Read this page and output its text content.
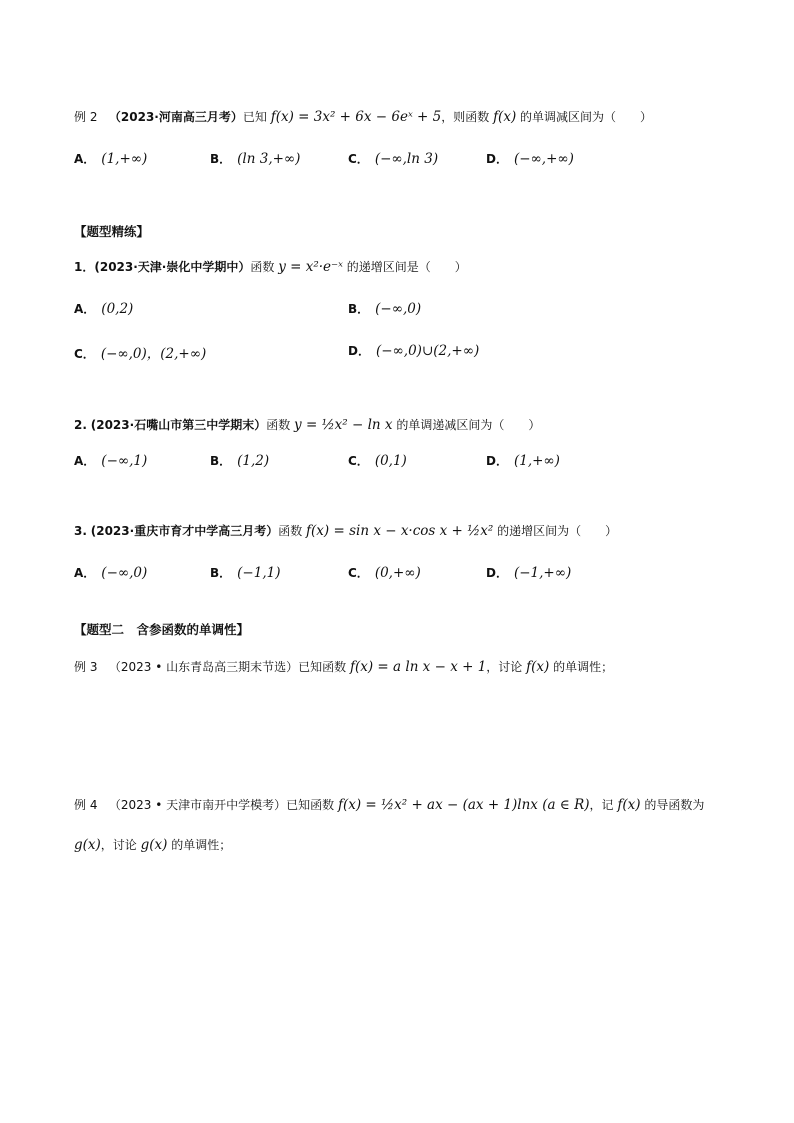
例 2 （2023·河南高三月考）已知 f(x) = 3x² + 6x − 6eˣ + 5，则函数 f(x) 的单调减区间为（　　）
A． (1,+∞)	B． (ln 3,+∞)	C． (−∞,ln 3)	D． (−∞,+∞)
【题型精练】
1．(2023·天津·崇化中学期中）函数 y = x²·e⁻ˣ 的递增区间是（　　）
A． (0,2)	B． (−∞,0)
C． (−∞,0)，(2,+∞)	D． (−∞,0)∪(2,+∞)
2. (2023·石嘴山市第三中学期末）函数 y = ½x² − ln x 的单调递减区间为（　　）
A． (−∞,1)	B． (1,2)	C． (0,1)	D． (1,+∞)
3. (2023·重庆市育才中学高三月考）函数 f(x) = sin x − x·cos x + ½x² 的递增区间为（　　）
A． (−∞,0)	B． (−1,1)	C． (0,+∞)	D． (−1,+∞)
【题型二　含参函数的单调性】
例 3 （2023 • 山东青岛高三期末节选）已知函数 f(x) = a ln x − x + 1，讨论 f(x) 的单调性；
例 4 （2023 • 天津市南开中学模考）已知函数 f(x) = ½x² + ax − (ax + 1)lnx (a ∈ R)，记 f(x) 的导函数为
g(x)，讨论 g(x) 的单调性；
